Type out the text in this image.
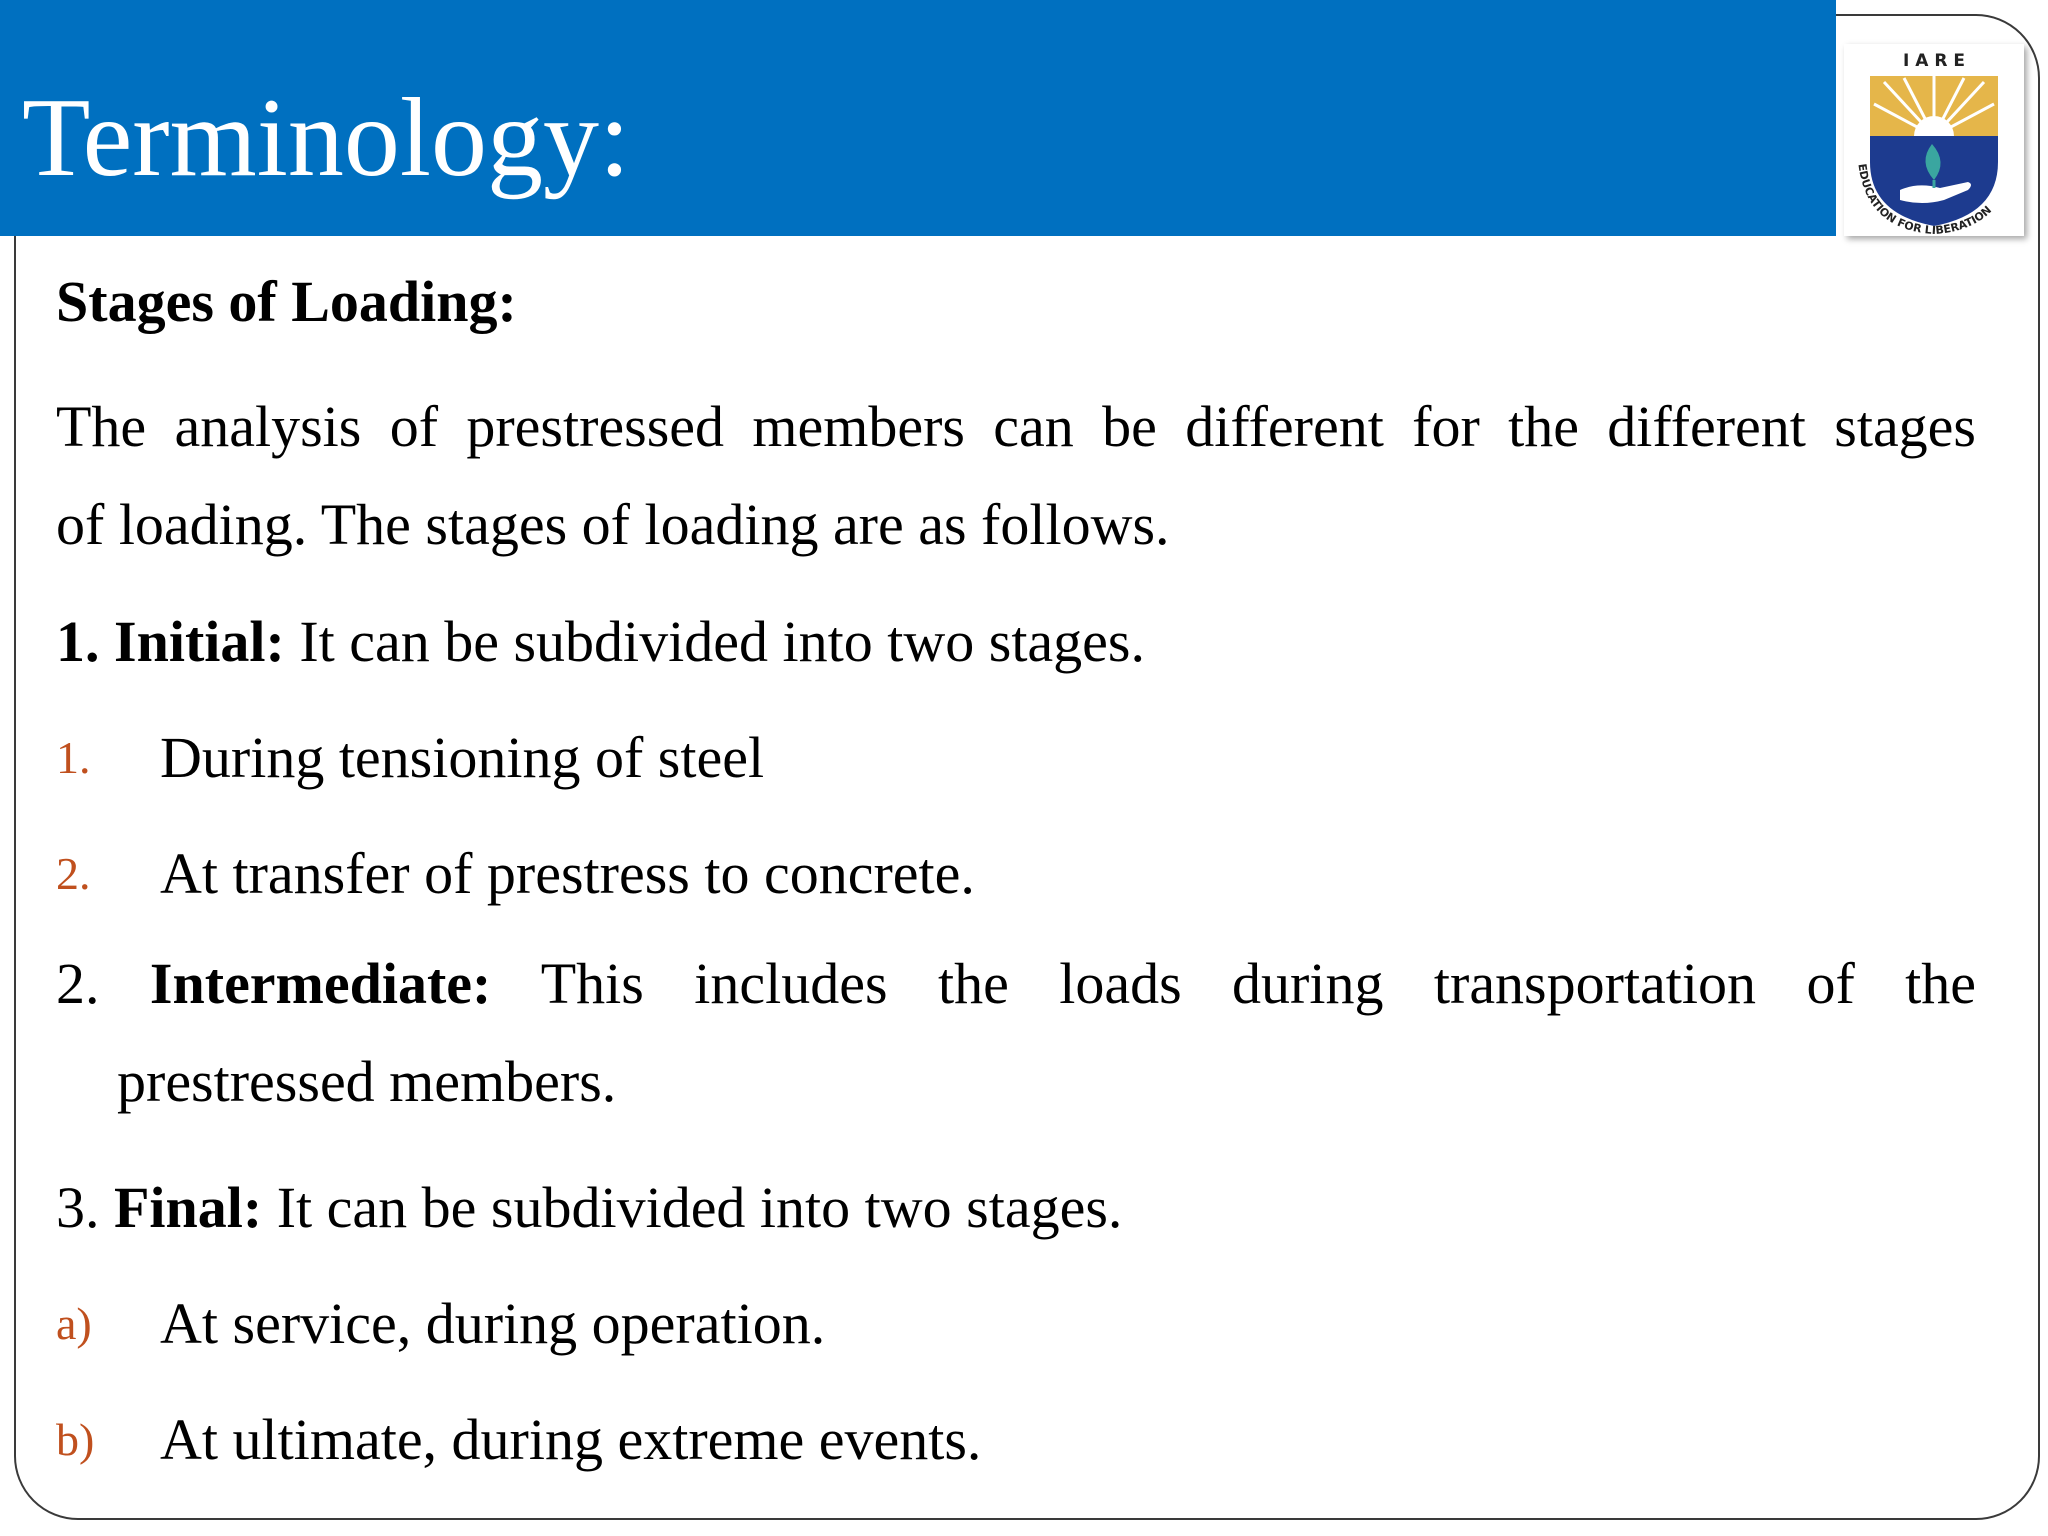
Terminology:
I A R E
EDUCATION FOR LIBERATION
Stages of Loading:
The analysis of prestressed members can be different for the different stages
of loading. The stages of loading are as follows.
1. Initial: It can be subdivided into two stages.
1. During tensioning of steel
2. At transfer of prestress to concrete.
2. Intermediate: This includes the loads during transportation of the
prestressed members.
3. Final: It can be subdivided into two stages.
a) At service, during operation.
b) At ultimate, during extreme events.
